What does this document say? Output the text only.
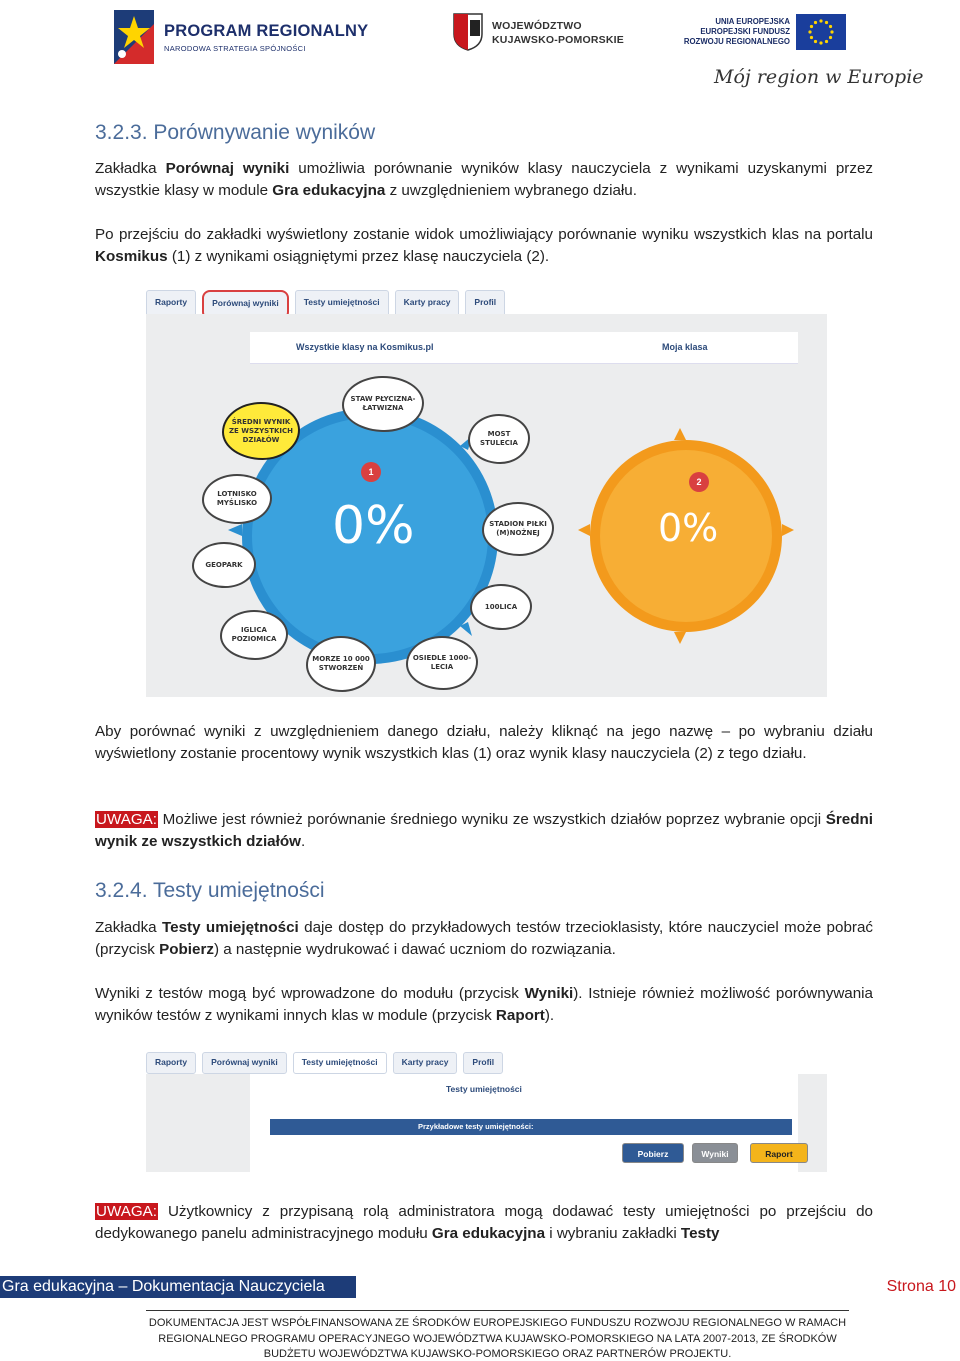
PROGRAM REGIONALNY
NARODOWA STRATEGIA SPÓJNOŚCI
WOJEWÓDZTWO
KUJAWSKO-POMORSKIE
UNIA EUROPEJSKA
EUROPEJSKI FUNDUSZ
ROZWOJU REGIONALNEGO
Mój region w Europie
3.2.3. Porównywanie wyników
Zakładka Porównaj wyniki umożliwia porównanie wyników klasy nauczyciela z wynikami uzyskanymi przez wszystkie klasy w module Gra edukacyjna z uwzględnieniem wybranego działu.
Po przejściu do zakładki wyświetlony zostanie widok umożliwiający porównanie wyniku wszystkich klas na portalu Kosmikus (1) z wynikami osiągniętymi przez klasę nauczyciela (2).
Raporty	Porównaj wyniki	Testy umiejętności	Karty pracy	Profil
Wszystkie klasy na Kosmikus.pl	Moja klasa
1
2
0%	0%
ŚREDNI WYNIK ZE WSZYSTKICH DZIAŁÓW
STAW PŁYCIZNA-ŁATWIZNA
MOST STULECIA
LOTNISKO MYŚLISKO
STADION PIŁKI (M)NOŻNEJ
GEOPARK
100LICA
IGLICA POZIOMICA
MORZE 10 000 STWORZEŃ
OSIEDLE 1000-LECIA
Aby porównać wyniki z uwzględnieniem danego działu, należy kliknąć na jego nazwę – po wybraniu działu wyświetlony zostanie procentowy wynik wszystkich klas (1) oraz wynik klasy nauczyciela (2) z tego działu.
UWAGA: Możliwe jest również porównanie średniego wyniku ze wszystkich działów poprzez wybranie opcji Średni wynik ze wszystkich działów.
3.2.4. Testy umiejętności
Zakładka Testy umiejętności daje dostęp do przykładowych testów trzecioklasisty, które nauczyciel może pobrać (przycisk Pobierz) a następnie wydrukować i dawać uczniom do rozwiązania.
Wyniki z testów mogą być wprowadzone do modułu (przycisk Wyniki). Istnieje również możliwość porównywania wyników testów z wynikami innych klas w module (przycisk Raport).
Raporty	Porównaj wyniki	Testy umiejętności	Karty pracy	Profil
Testy umiejętności
Przykładowe testy umiejętności:
Pobierz	Wyniki	Raport
UWAGA: Użytkownicy z przypisaną rolą administratora mogą dodawać testy umiejętności po przejściu do dedykowanego panelu administracyjnego modułu Gra edukacyjna i wybraniu zakładki Testy
Gra edukacyjna – Dokumentacja Nauczyciela	Strona 10
DOKUMENTACJA JEST WSPÓŁFINANSOWANA ZE ŚRODKÓW EUROPEJSKIEGO FUNDUSZU ROZWOJU REGIONALNEGO W RAMACH REGIONALNEGO PROGRAMU OPERACYJNEGO WOJEWÓDZTWA KUJAWSKO-POMORSKIEGO NA LATA 2007-2013, ZE ŚRODKÓW BUDŻETU WOJEWÓDZTWA KUJAWSKO-POMORSKIEGO ORAZ PARTNERÓW PROJEKTU.
